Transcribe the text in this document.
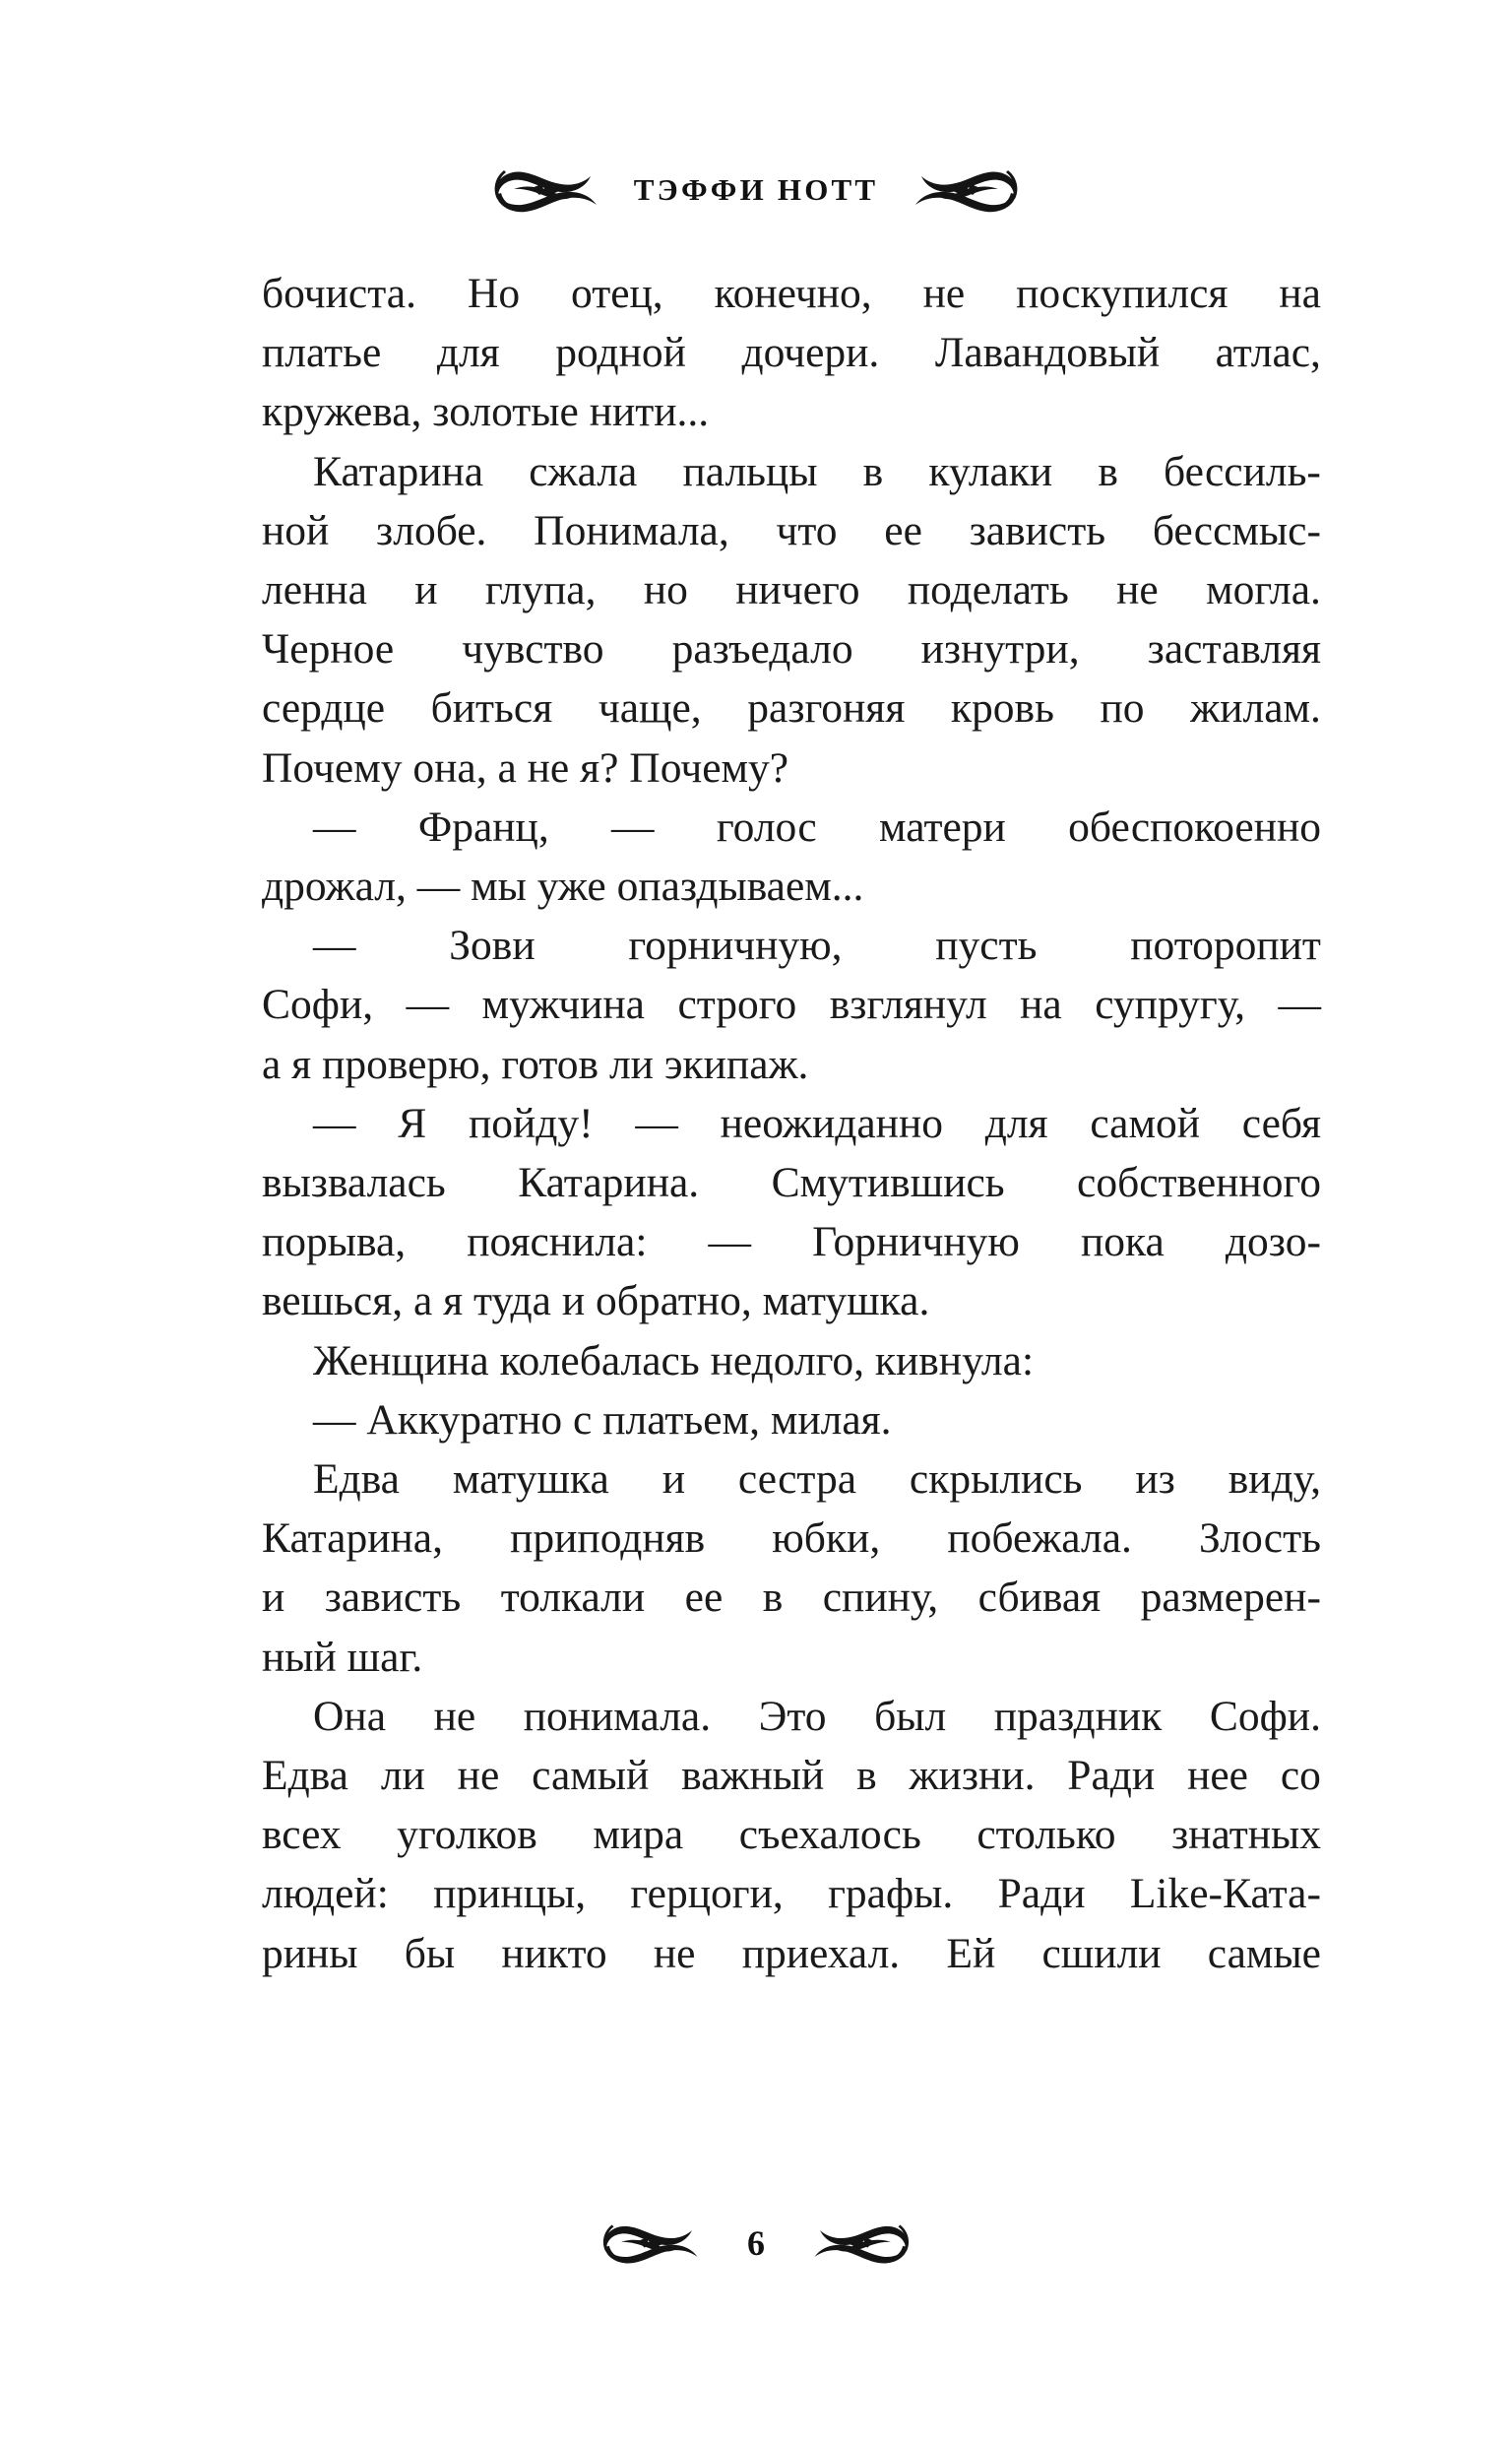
ТЭФФИ НОТТ

бочиста. Но отец, конечно, не поскупился на
платье для родной дочери. Лавандовый атлас,
кружева, золотые нити...

Катарина сжала пальцы в кулаки в бессиль-
ной злобе. Понимала, что ее зависть бессмыс-
ленна и глупа, но ничего поделать не могла.
Черное чувство разъедало изнутри, заставляя
сердце биться чаще, разгоняя кровь по жилам.
Почему она, а не я? Почему?

— Франц, — голос матери обеспокоенно
дрожал, — мы уже опаздываем...

— Зови горничную, пусть поторопит
Софи, — мужчина строго взглянул на супругу, —
а я проверю, готов ли экипаж.

— Я пойду! — неожиданно для самой себя
вызвалась Катарина. Смутившись собственного
порыва, пояснила: — Горничную пока дозо-
вешься, а я туда и обратно, матушка.

Женщина колебалась недолго, кивнула:

— Аккуратно с платьем, милая.

Едва матушка и сестра скрылись из виду,
Катарина, приподняв юбки, побежала. Злость
и зависть толкали ее в спину, сбивая размерен-
ный шаг.

Она не понимала. Это был праздник Софи.
Едва ли не самый важный в жизни. Ради нее со
всех уголков мира съехалось столько знатных
людей: принцы, герцоги, графы. Ради Like-Ката-
рины бы никто не приехал. Ей сшили самые

6
